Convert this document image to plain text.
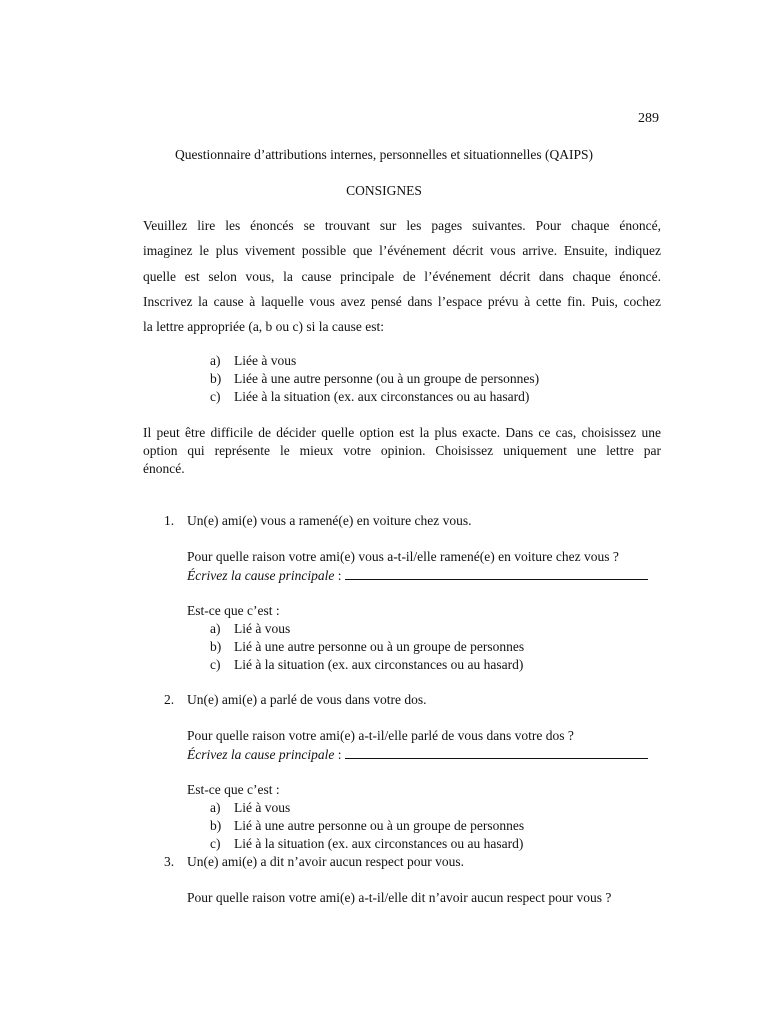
289
Questionnaire d’attributions internes, personnelles et situationnelles (QAIPS)
CONSIGNES

Veuillez lire les énoncés se trouvant sur les pages suivantes. Pour chaque énoncé,

imaginez le plus vivement possible que l’événement décrit vous arrive. Ensuite, indiquez

quelle est selon vous, la cause principale de l’événement décrit dans chaque énoncé.

Inscrivez la cause à laquelle vous avez pensé dans l’espace prévu à cette fin. Puis, cochez

la lettre appropriée (a, b ou c) si la cause est:

a) Liée à vous
b) Liée à une autre personne (ou à un groupe de personnes)
c) Liée à la situation (ex. aux circonstances ou au hasard)

Il peut être difficile de décider quelle option est la plus exacte. Dans ce cas, choisissez une

option qui représente le mieux votre opinion. Choisissez uniquement une lettre par

énoncé.

1. Un(e) ami(e) vous a ramené(e) en voiture chez vous.
Pour quelle raison votre ami(e) vous a-t-il/elle ramené(e) en voiture chez vous ?
Écrivez la cause principale :
Est-ce que c’est :
a) Lié à vous
b) Lié à une autre personne ou à un groupe de personnes
c) Lié à la situation (ex. aux circonstances ou au hasard)
2. Un(e) ami(e) a parlé de vous dans votre dos.
Pour quelle raison votre ami(e) a-t-il/elle parlé de vous dans votre dos ?
Écrivez la cause principale :
Est-ce que c’est :
a) Lié à vous
b) Lié à une autre personne ou à un groupe de personnes
c) Lié à la situation (ex. aux circonstances ou au hasard)
3. Un(e) ami(e) a dit n’avoir aucun respect pour vous.
Pour quelle raison votre ami(e) a-t-il/elle dit n’avoir aucun respect pour vous ?
